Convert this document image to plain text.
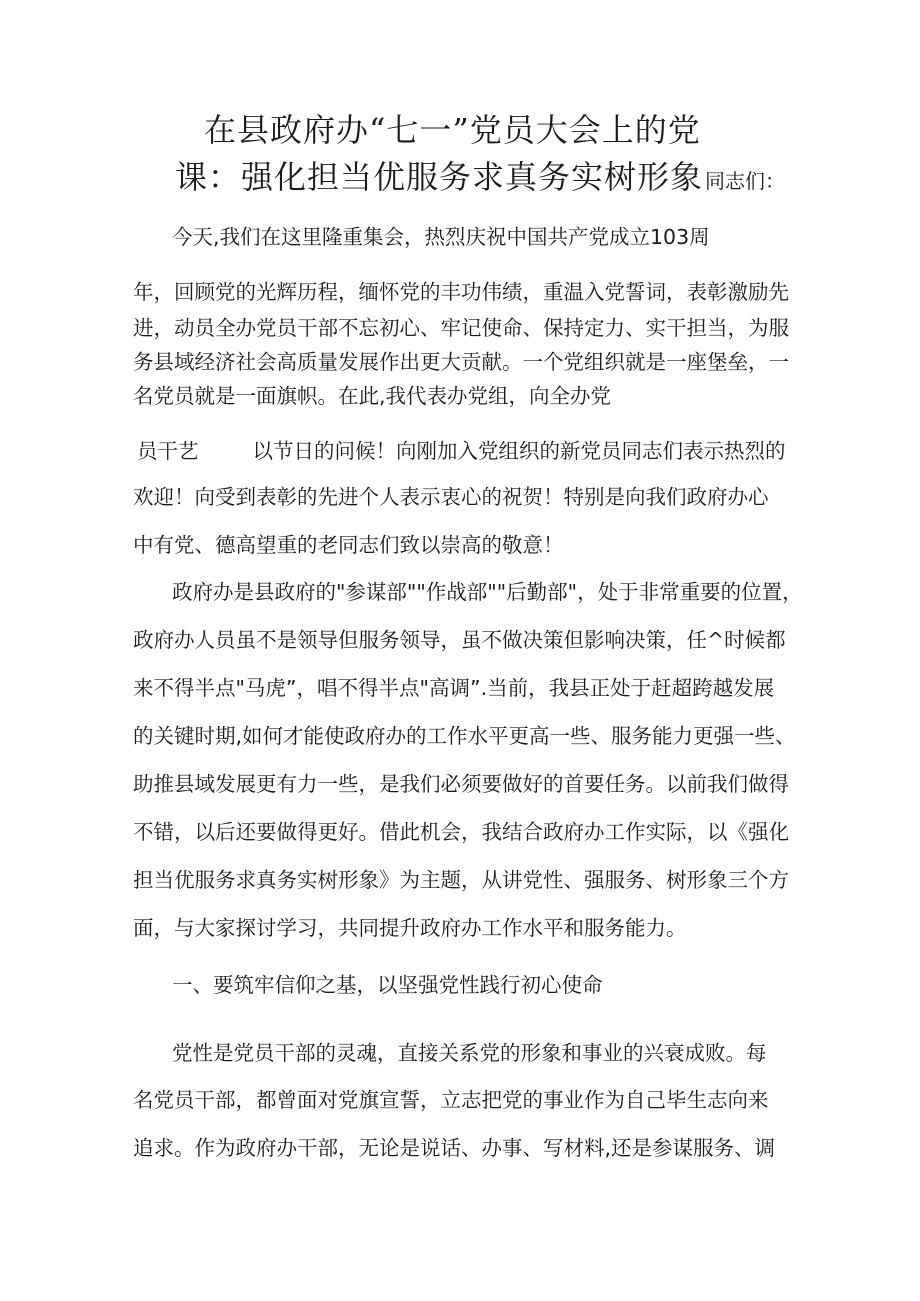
在县政府办“七一”党员大会上的党
课：强化担当优服务求真务实树形象 同志们：
今天,我们在这里隆重集会，热烈庆祝中国共产党成立103周
年，回顾党的光辉历程，缅怀党的丰功伟绩，重温入党誓词，表彰激励先
进，动员全办党员干部不忘初心、牢记使命、保持定力、实干担当，为服
务县域经济社会高质量发展作出更大贡献。一个党组织就是一座堡垒，一
名党员就是一面旗帜。在此,我代表办党组，向全办党
员干艺	以节日的问候！向刚加入党组织的新党员同志们表示热烈的
欢迎！向受到表彰的先进个人表示衷心的祝贺！特别是向我们政府办心
中有党、德高望重的老同志们致以崇高的敬意！
政府办是县政府的"参谋部""作战部""后勤部"，处于非常重要的位置，
政府办人员虽不是领导但服务领导，虽不做决策但影响决策，任^时候都
来不得半点"马虎”，唱不得半点"高调”.当前，我县正处于赶超跨越发展
的关键时期,如何才能使政府办的工作水平更高一些、服务能力更强一些、
助推县域发展更有力一些，是我们必须要做好的首要任务。以前我们做得
不错，以后还要做得更好。借此机会，我结合政府办工作实际，以《强化
担当优服务求真务实树形象》为主题，从讲党性、强服务、树形象三个方
面，与大家探讨学习，共同提升政府办工作水平和服务能力。
一、要筑牢信仰之基，以坚强党性践行初心使命
党性是党员干部的灵魂，直接关系党的形象和事业的兴衰成败。每
名党员干部，都曾面对党旗宣誓，立志把党的事业作为自己毕生志向来
追求。作为政府办干部，无论是说话、办事、写材料,还是参谋服务、调
